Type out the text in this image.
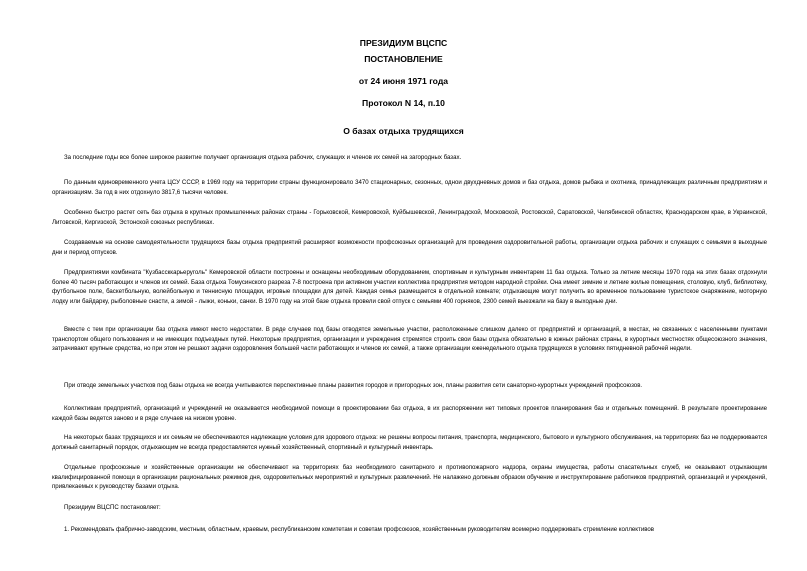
ПРЕЗИДИУМ ВЦСПС
ПОСТАНОВЛЕНИЕ
от 24 июня 1971 года
Протокол N 14, п.10
О базах отдыха трудящихся

За последние годы все более широкое развитие получает организация отдыха рабочих, служащих и членов их семей на загородных базах.

По данным единовременного учета ЦСУ СССР, в 1969 году на территории страны функционировало 3470 стационарных, сезонных, однои двухдневных домов и баз отдыха, домов рыбака и охотника, принадлежащих различным предприятиям и организациям. За год в них отдохнуло 3817,6 тысячи человек.

Особенно быстро растет сеть баз отдыха в крупных промышленных районах страны - Горьковской, Кемеровской, Куйбышевской, Ленинградской, Московской, Ростовской, Саратовской, Челябинской областях, Краснодарском крае, в Украинской, Литовской, Киргизской, Эстонской союзных республиках.

Создаваемые на основе самодеятельности трудящихся базы отдыха предприятий расширяют возможности профсоюзных организаций для проведения оздоровительной работы, организации отдыха рабочих и служащих с семьями в выходные дни и период отпусков.

Предприятиями комбината "Кузбассккарьеруголь" Кемеровской области построены и оснащены необходимым оборудованием, спортивным и культурным инвентарем 11 баз отдыха. Только за летние месяцы 1970 года на этих базах отдохнули более 40 тысяч работающих и членов их семей. База отдыха Томусинского разреза 7-8 построена при активном участии коллектива предприятия методом народной стройки. Она имеет зимние и летние жилые помещения, столовую, клуб, библиотеку, футбольное поле, баскетбольную, волейбольную и теннисную площадки, игровые площадки для детей. Каждая семья размещается в отдельной комнате; отдыхающие могут получить во временное пользование туристское снаряжение, моторную лодку или байдарку, рыболовные снасти, а зимой - лыжи, коньки, санки. В 1970 году на этой базе отдыха провели свой отпуск с семьями 400 горняков, 2300 семей выезжали на базу в выходные дни.

Вместе с тем при организации баз отдыха имеют место недостатки. В ряде случаев под базы отводятся земельные участки, расположенные слишком далеко от предприятий и организаций, в местах, не связанных с населенными пунктами транспортом общего пользования и не имеющих подъездных путей. Некоторые предприятия, организации и учреждения стремятся строить свои базы отдыха обязательно в южных районах страны, в курортных местностях общесоюзного значения, затрачивают крупные средства, но при этом не решают задачи оздоровления большей части работающих и членов их семей, а также организации еженедельного отдыха трудящихся в условиях пятидневной рабочей недели.

При отводе земельных участков под базы отдыха не всегда учитываются перспективные планы развития городов и пригородных зон, планы развития сети санаторно-курортных учреждений профсоюзов.

Коллективам предприятий, организаций и учреждений не оказывается необходимой помощи в проектировании баз отдыха, в их распоряжении нет типовых проектов планирования баз и отдельных помещений. В результате проектирование каждой базы ведется заново и в ряде случаев на низком уровне.

На некоторых базах трудящихся и их семьям не обеспечиваются надлежащие условия для здорового отдыха: не решены вопросы питания, транспорта, медицинского, бытового и культурного обслуживания, на территориях баз не поддерживается должный санитарный порядок, отдыхающим не всегда предоставляется нужный хозяйственный, спортивный и культурный инвентарь.

Отдельные профсоюзные и хозяйственные организации не обеспечивают на территориях баз необходимого санитарного и противопожарного надзора, охраны имущества, работы спасательных служб, не оказывают отдыхающим квалифицированной помощи в организации рациональных режимов дня, оздоровительных мероприятий и культурных развлечений. Не налажено должным образом обучение и инструктирование работников предприятий, организаций и учреждений, привлекаемых к руководству базами отдыха.

Президиум ВЦСПС постановляет:

1. Рекомендовать фабрично-заводским, местным, областным, краевым, республиканским комитетам и советам профсоюзов, хозяйственным руководителям всемерно поддерживать стремление коллективов
